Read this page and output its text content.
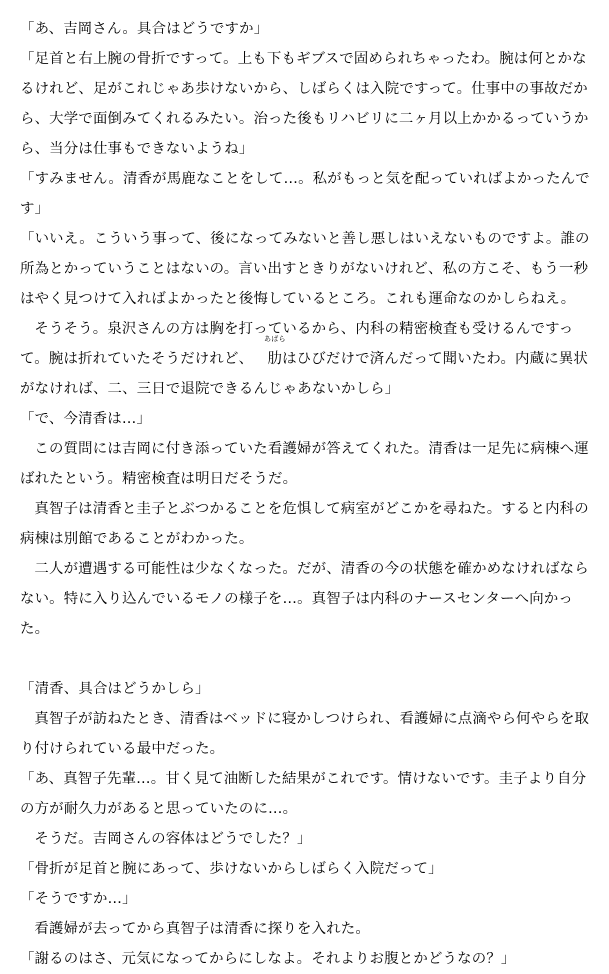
「あ、吉岡さん。具合はどうですか」

「足首と右上腕の骨折ですって。上も下もギブスで固められちゃったわ。腕は何とかなるけれど、足がこれじゃあ歩けないから、しばらくは入院ですって。仕事中の事故だから、大学で面倒みてくれるみたい。治った後もリハビリに二ヶ月以上かかるっていうから、当分は仕事もできないようね」

「すみません。清香が馬鹿なことをして…。私がもっと気を配っていればよかったんです」

「いいえ。こういう事って、後になってみないと善し悪しはいえないものですよ。誰の所為とかっていうことはないの。言い出すときりがないけれど、私の方こそ、もう一秒はやく見つけて入ればよかったと後悔しているところ。これも運命なのかしらねえ。

そうそう。泉沢さんの方は胸を打っているから、内科の精密検査も受けるんですって。腕は折れていたそうだけれど、
あばら
肋はひびだけで済んだって聞いたわ。内蔵に異状がなければ、二、三日で退院できるんじゃあないかしら」

「で、今清香は…」

この質問には吉岡に付き添っていた看護婦が答えてくれた。清香は一足先に病棟へ運ばれたという。精密検査は明日だそうだ。

真智子は清香と圭子とぶつかることを危惧して病室がどこかを尋ねた。すると内科の病棟は別館であることがわかった。

二人が遭遇する可能性は少なくなった。だが、清香の今の状態を確かめなければならない。特に入り込んでいるモノの様子を…。真智子は内科のナースセンターへ向かった。

「清香、具合はどうかしら」

真智子が訪ねたとき、清香はベッドに寝かしつけられ、看護婦に点滴やら何やらを取り付けられている最中だった。

「あ、真智子先輩…。甘く見て油断した結果がこれです。情けないです。圭子より自分の方が耐久力があると思っていたのに…。

そうだ。吉岡さんの容体はどうでした？」

「骨折が足首と腕にあって、歩けないからしばらく入院だって」

「そうですか…」

看護婦が去ってから真智子は清香に探りを入れた。

「謝るのはさ、元気になってからにしなよ。それよりお腹とかどうなの？」
